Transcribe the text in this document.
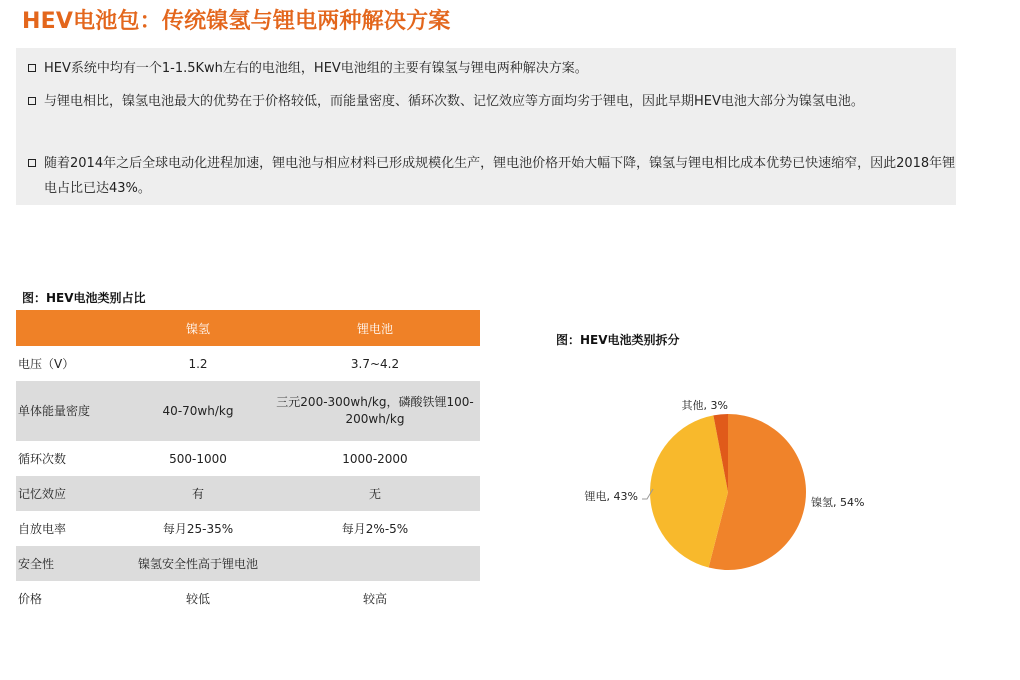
HEV电池包：传统镍氢与锂电两种解决方案
HEV系统中均有一个1-1.5Kwh左右的电池组，HEV电池组的主要有镍氢与锂电两种解决方案。
与锂电相比，镍氢电池最大的优势在于价格较低，而能量密度、循环次数、记忆效应等方面均劣于锂电，因此早期HEV电池大部分为镍氢电池。
随着2014年之后全球电动化进程加速，锂电池与相应材料已形成规模化生产，锂电池价格开始大幅下降，镍氢与锂电相比成本优势已快速缩窄，因此2018年锂电占比已达43%。
图：HEV电池类别占比
	镍氢	锂电池
电压（V）	1.2	3.7~4.2
单体能量密度	40-70wh/kg	三元200-300wh/kg，磷酸铁锂100-200wh/kg
循环次数	500-1000	1000-2000
记忆效应	有	无
自放电率	每月25-35%	每月2%-5%
安全性	镍氢安全性高于锂电池	
价格	较低	较高
图：HEV电池类别拆分
镍氢, 54%
锂电, 43%
其他, 3%
